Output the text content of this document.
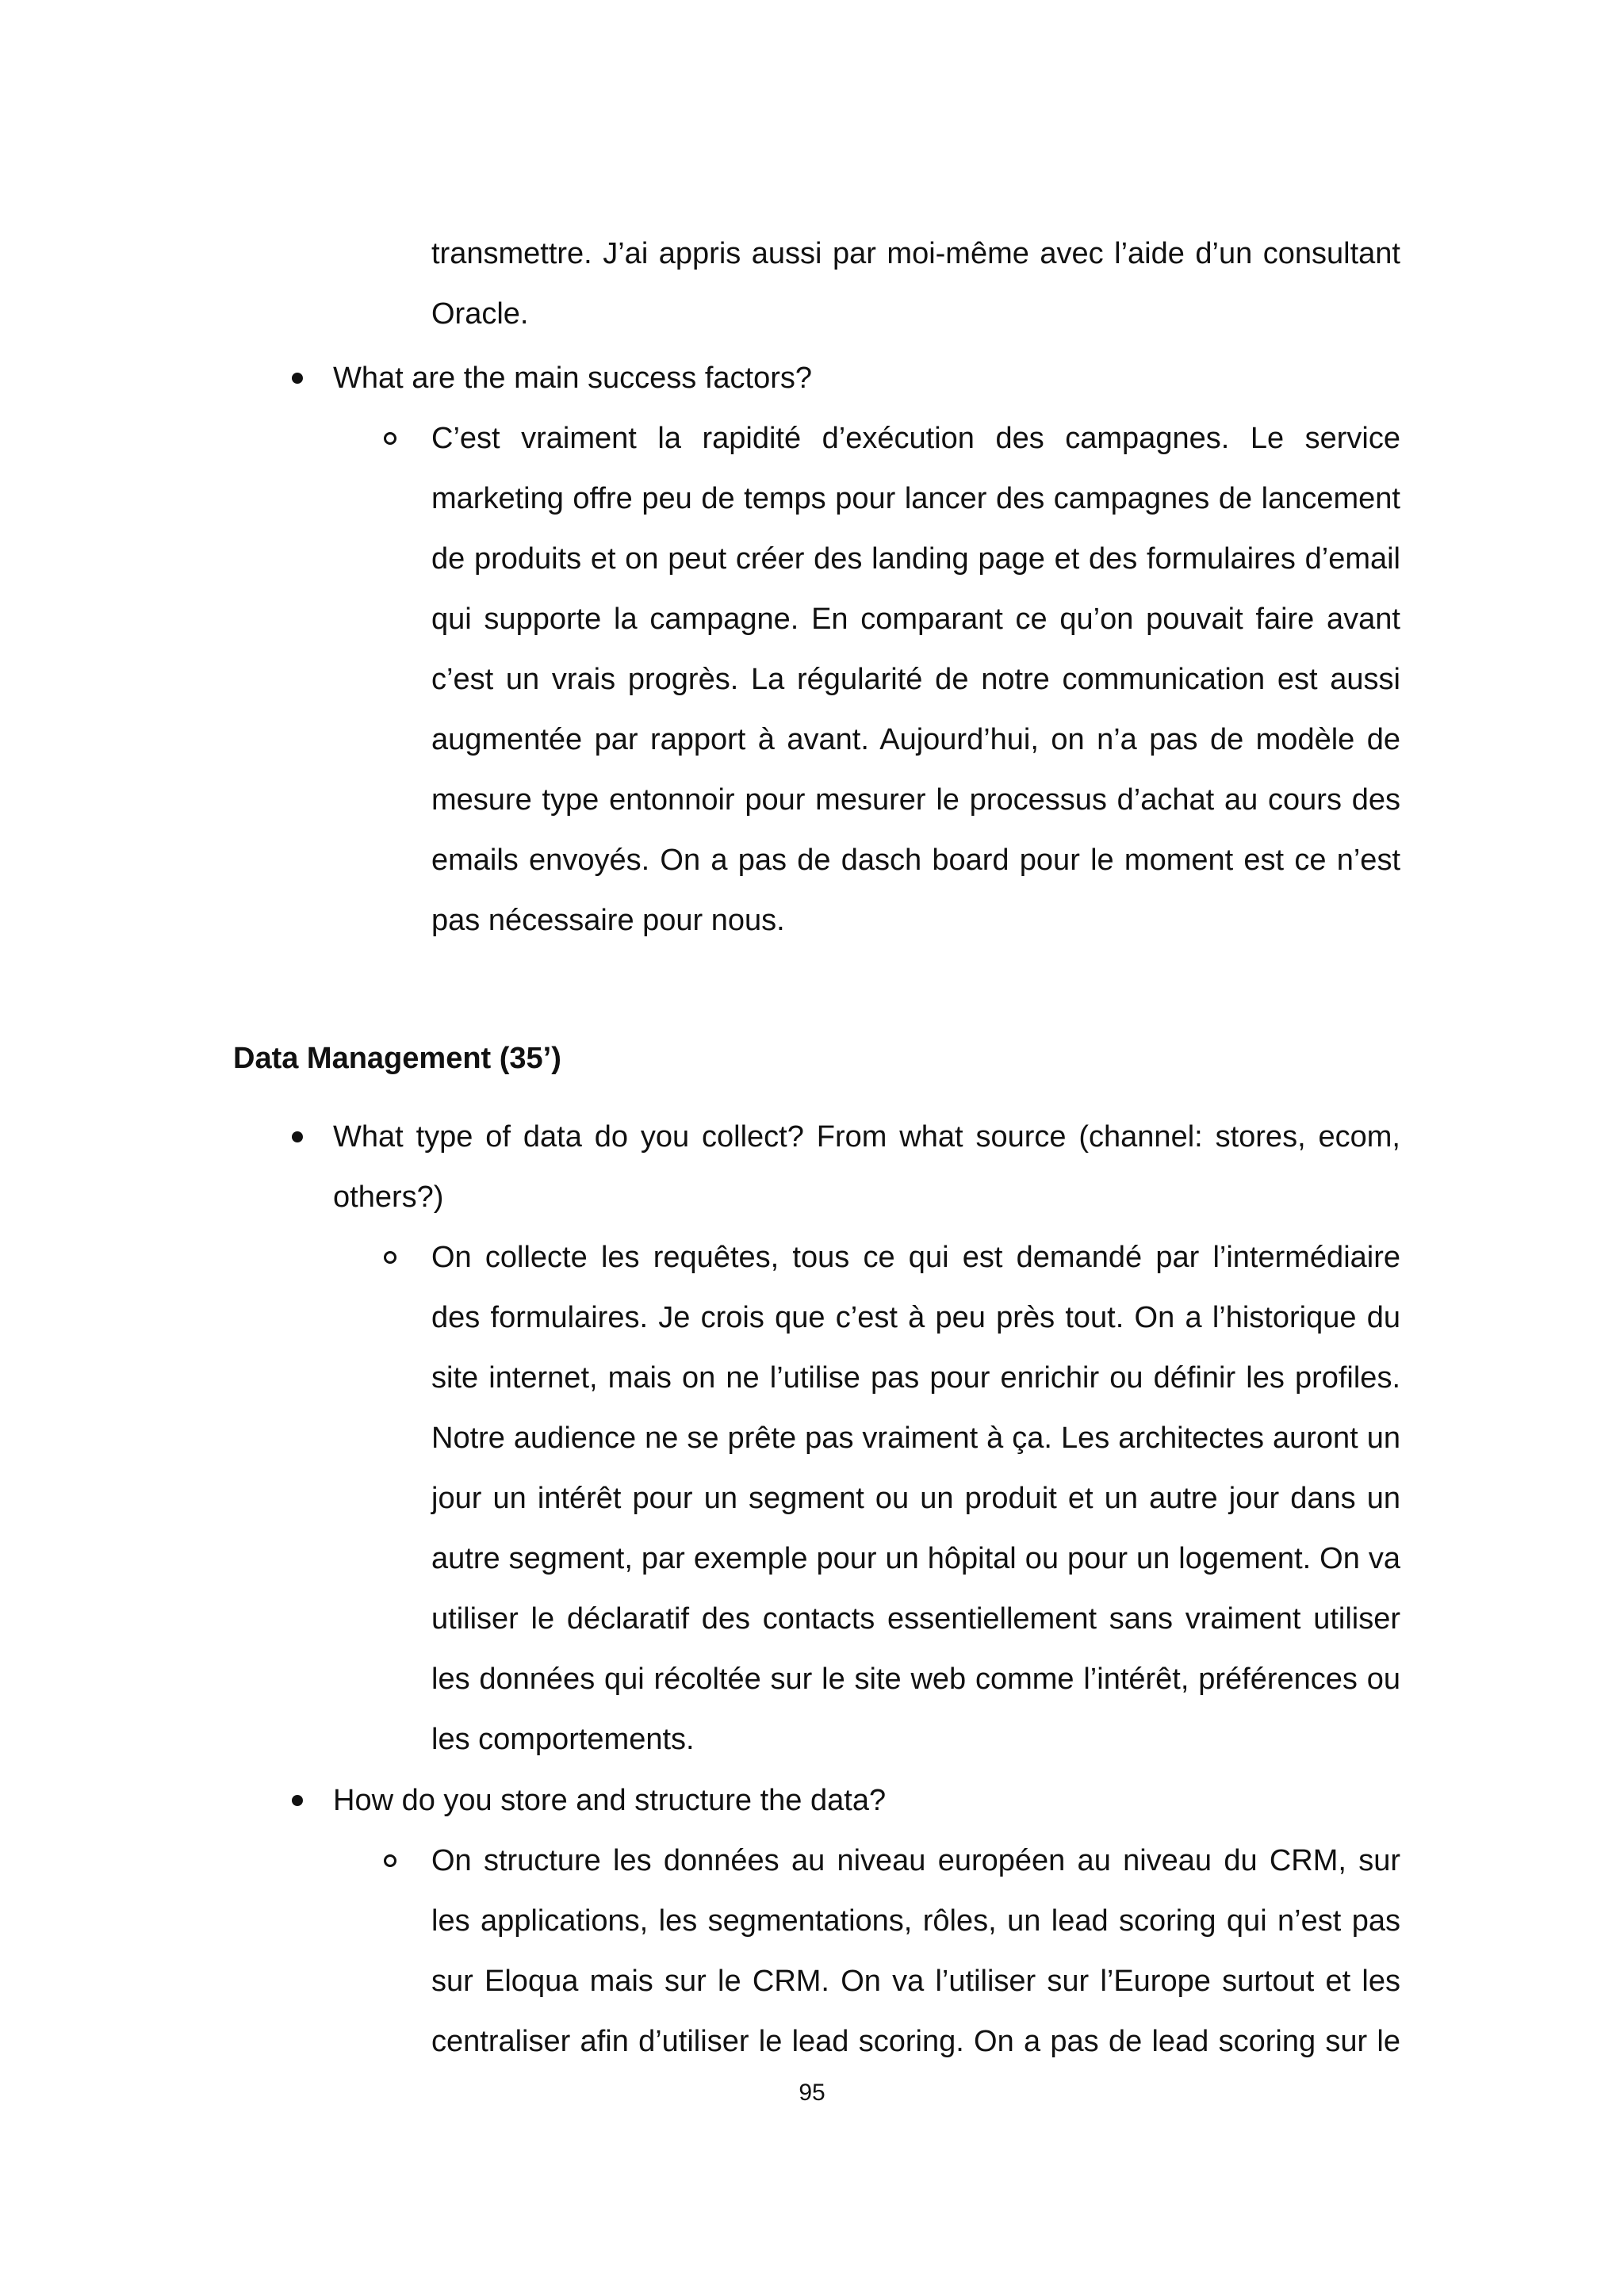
transmettre. J’ai appris aussi par moi-même avec l’aide d’un consultant Oracle.

What are the main success factors?

C’est vraiment la rapidité d’exécution des campagnes. Le service marketing offre peu de temps pour lancer des campagnes de lancement de produits et on peut créer des landing page et des formulaires d’email qui supporte la campagne. En comparant ce qu’on pouvait faire avant c’est un vrais progrès. La régularité de notre communication est aussi augmentée par rapport à avant. Aujourd’hui, on n’a pas de modèle de mesure type entonnoir pour mesurer le processus d’achat au cours des emails envoyés. On a pas de dasch board pour le moment est ce n’est pas nécessaire pour nous.

Data Management (35’)

What type of data do you collect? From what source (channel: stores, ecom, others?)

On collecte les requêtes, tous ce qui est demandé par l’intermédiaire des formulaires. Je crois que c’est à peu près tout. On a l’historique du site internet, mais on ne l’utilise pas pour enrichir ou définir les profiles. Notre audience ne se prête pas vraiment à ça. Les architectes auront un jour un intérêt pour un segment ou un produit et un autre jour dans un autre segment, par exemple pour un hôpital ou pour un logement. On va utiliser le déclaratif des contacts essentiellement sans vraiment utiliser les données qui récoltée sur le site web comme l’intérêt, préférences ou les comportements.

How do you store and structure the data?

On structure les données au niveau européen au niveau du CRM, sur les applications, les segmentations, rôles, un lead scoring qui n’est pas sur Eloqua mais sur le CRM. On va l’utiliser sur l’Europe surtout et les centraliser afin d’utiliser le lead scoring. On a pas de lead scoring sur le

95
